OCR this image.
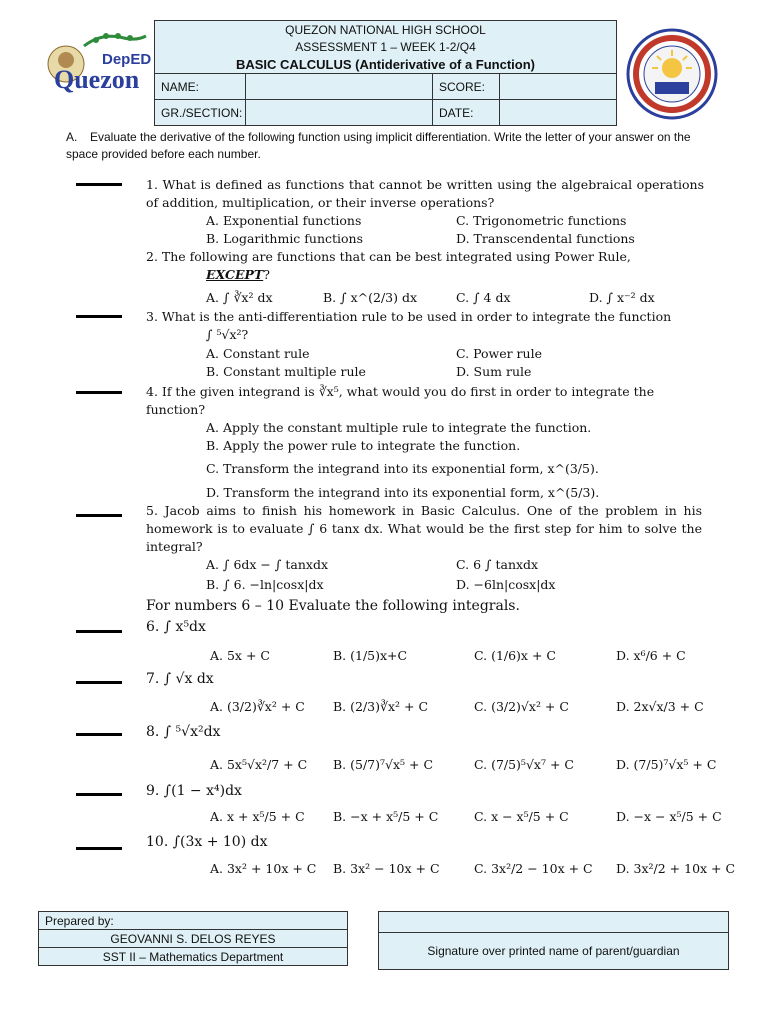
DepED
Quezon
QUEZON NATIONAL HIGH SCHOOL
ASSESSMENT 1 – WEEK 1-2/Q4
BASIC CALCULUS (Antiderivative of a Function)			

NAME:		SCORE:	
GR./SECTION:		DATE:	
A. Evaluate the derivative of the following function using implicit differentiation. Write the letter of your answer on the space provided before each number.
1. What is defined as functions that cannot be written using the algebraical operations of addition, multiplication, or their inverse operations?
A. Exponential functions
B. Logarithmic functions
C. Trigonometric functions
D. Transcendental functions
2. The following are functions that can be best integrated using Power Rule,
EXCEPT?
A. ∫ ∛x² dx	B. ∫ x^(2/3) dx	C. ∫ 4 dx	D. ∫ x⁻² dx
3. What is the anti-differentiation rule to be used in order to integrate the function
∫ ⁵√x²?
A. Constant rule
B. Constant multiple rule
C. Power rule
D. Sum rule
4. If the given integrand is ∛x⁵, what would you do first in order to integrate the function?
A. Apply the constant multiple rule to integrate the function.
B. Apply the power rule to integrate the function.
C. Transform the integrand into its exponential form, x^(3/5).
D. Transform the integrand into its exponential form, x^(5/3).
5. Jacob aims to finish his homework in Basic Calculus. One of the problem in his homework is to evaluate ∫ 6 tanx dx. What would be the first step for him to solve the integral?
A. ∫ 6dx − ∫ tanxdx
B. ∫ 6. −ln|cosx|dx
C. 6 ∫ tanxdx
D. −6ln|cosx|dx
For numbers 6 – 10 Evaluate the following integrals.
6. ∫ x⁵dx
A. 5x + C	B. (1/5)x+C	C. (1/6)x + C	D. x⁶/6 + C
7. ∫ √x dx
A. (3/2)∛x² + C B. (2/3)∛x² + C	C. (3/2)√x² + C	D. 2x√x/3 + C
8. ∫ ⁵√x²dx
A. 5x⁵√x²/7 + C B. (5/7)⁷√x⁵ + C	C. (7/5)⁵√x⁷ + C	D. (7/5)⁷√x⁵ + C
9. ∫(1 − x⁴)dx
A. x + x⁵/5 + C B. −x + x⁵/5 + C	C. x − x⁵/5 + C	D. −x − x⁵/5 + C
10. ∫(3x + 10) dx
A. 3x² + 10x + C B. 3x² − 10x + C	C. 3x²/2 − 10x + C D. 3x²/2 + 10x + C
Prepared by:
GEOVANNI S. DELOS REYES
SST II – Mathematics Department	Signature over printed name of parent/guardian
